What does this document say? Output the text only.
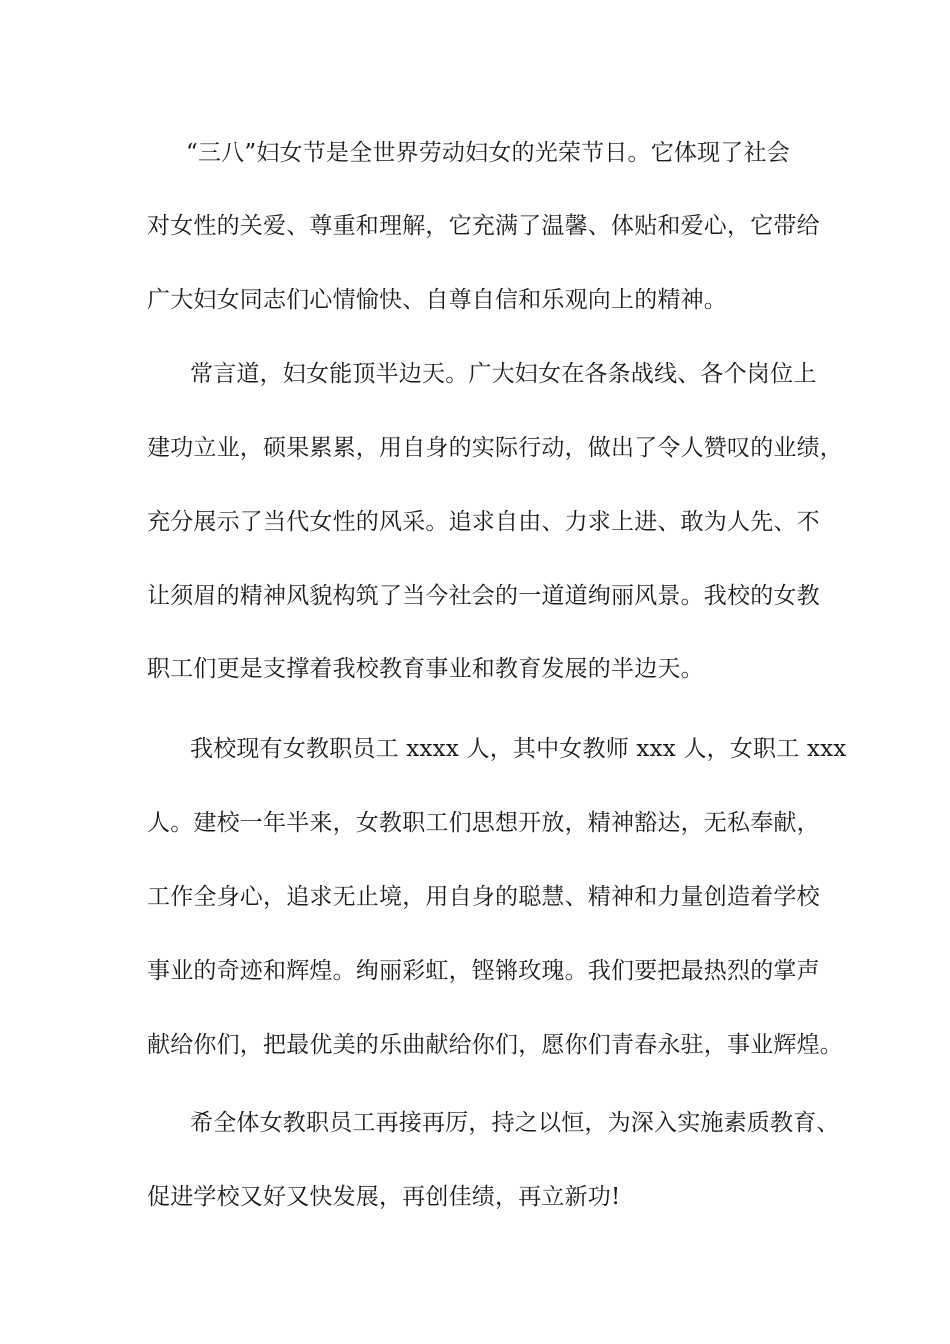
“三八”妇女节是全世界劳动妇女的光荣节日。它体现了社会
对女性的关爱、尊重和理解，它充满了温馨、体贴和爱心，它带给
广大妇女同志们心情愉快、自尊自信和乐观向上的精神。
常言道，妇女能顶半边天。广大妇女在各条战线、各个岗位上
建功立业，硕果累累，用自身的实际行动，做出了令人赞叹的业绩，
充分展示了当代女性的风采。追求自由、力求上进、敢为人先、不
让须眉的精神风貌构筑了当今社会的一道道绚丽风景。我校的女教
职工们更是支撑着我校教育事业和教育发展的半边天。
我校现有女教职员工 xxxx 人，其中女教师 xxx 人，女职工 xxx
人。建校一年半来，女教职工们思想开放，精神豁达，无私奉献，
工作全身心，追求无止境，用自身的聪慧、精神和力量创造着学校
事业的奇迹和辉煌。绚丽彩虹，铿锵玫瑰。我们要把最热烈的掌声
献给你们，把最优美的乐曲献给你们，愿你们青春永驻，事业辉煌。
希全体女教职员工再接再厉，持之以恒，为深入实施素质教育、
促进学校又好又快发展，再创佳绩，再立新功!
